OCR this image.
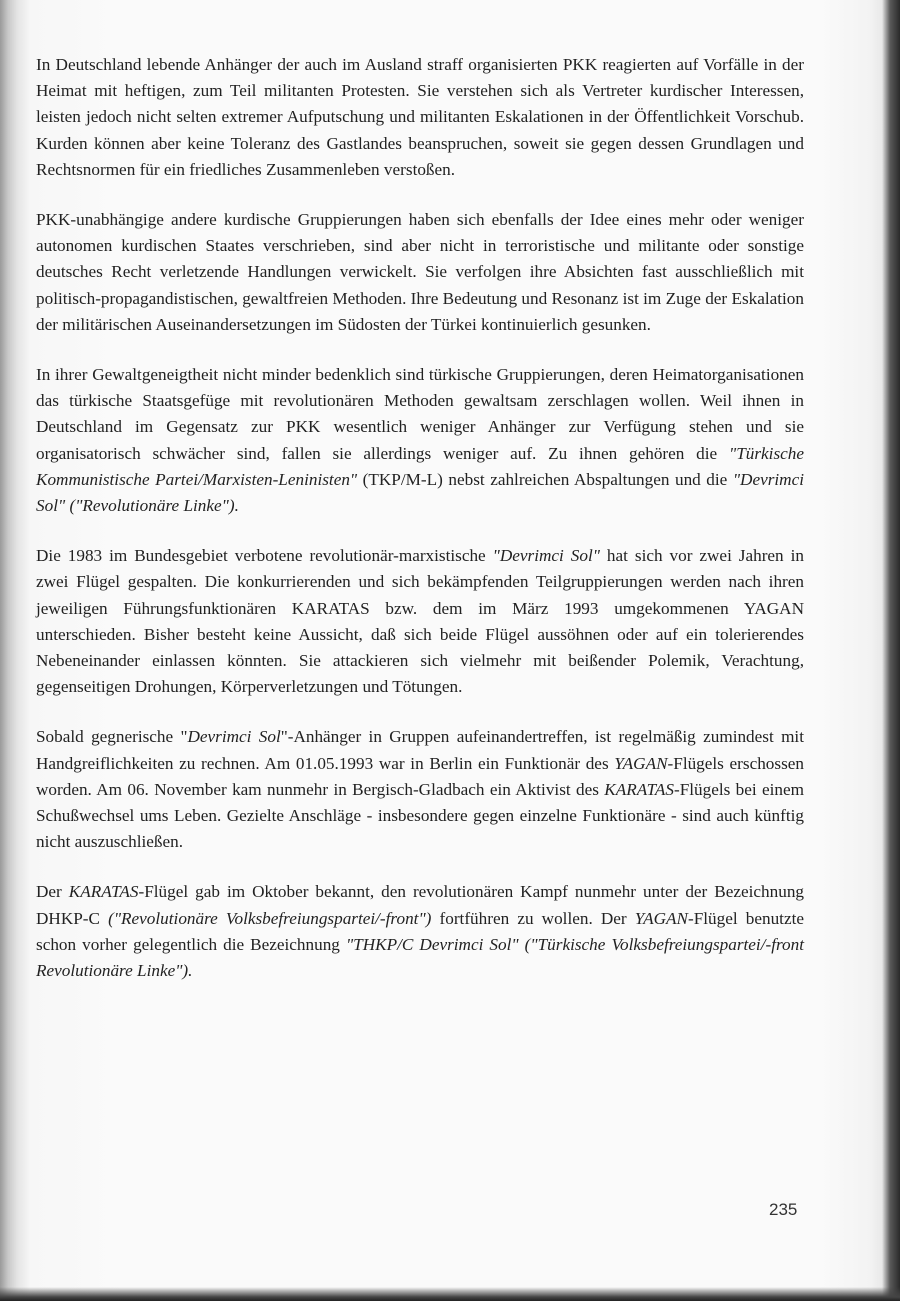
In Deutschland lebende Anhänger der auch im Ausland straff organisierten PKK reagierten auf Vorfälle in der Heimat mit heftigen, zum Teil militanten Protesten. Sie verstehen sich als Vertreter kurdischer Interessen, leisten jedoch nicht selten extremer Aufputschung und militanten Eskalationen in der Öffentlichkeit Vorschub. Kurden können aber keine Toleranz des Gastlandes beanspruchen, soweit sie gegen dessen Grundlagen und Rechtsnormen für ein friedliches Zusammenleben verstoßen.

PKK-unabhängige andere kurdische Gruppierungen haben sich ebenfalls der Idee eines mehr oder weniger autonomen kurdischen Staates verschrieben, sind aber nicht in terroristische und militante oder sonstige deutsches Recht verletzende Handlungen verwickelt. Sie verfolgen ihre Absichten fast ausschließlich mit politisch-propagandistischen, gewaltfreien Methoden. Ihre Bedeutung und Resonanz ist im Zuge der Eskalation der militärischen Auseinandersetzungen im Südosten der Türkei kontinuierlich gesunken.

In ihrer Gewaltgeneigtheit nicht minder bedenklich sind türkische Gruppierungen, deren Heimatorganisationen das türkische Staatsgefüge mit revolutionären Methoden gewaltsam zerschlagen wollen. Weil ihnen in Deutschland im Gegensatz zur PKK wesentlich weniger Anhänger zur Verfügung stehen und sie organisatorisch schwächer sind, fallen sie allerdings weniger auf. Zu ihnen gehören die "Türkische Kommunistische Partei/Marxisten-Leninisten" (TKP/M-L) nebst zahlreichen Abspaltungen und die "Devrimci Sol" ("Revolutionäre Linke").

Die 1983 im Bundesgebiet verbotene revolutionär-marxistische "Devrimci Sol" hat sich vor zwei Jahren in zwei Flügel gespalten. Die konkurrierenden und sich bekämpfenden Teilgruppierungen werden nach ihren jeweiligen Führungsfunktionären KARATAS bzw. dem im März 1993 umgekommenen YAGAN unterschieden. Bisher besteht keine Aussicht, daß sich beide Flügel aussöhnen oder auf ein tolerierendes Nebeneinander einlassen könnten. Sie attackieren sich vielmehr mit beißender Polemik, Verachtung, gegenseitigen Drohungen, Körperverletzungen und Tötungen.

Sobald gegnerische "Devrimci Sol"-Anhänger in Gruppen aufeinandertreffen, ist regelmäßig zumindest mit Handgreiflichkeiten zu rechnen. Am 01.05.1993 war in Berlin ein Funktionär des YAGAN-Flügels erschossen worden. Am 06. November kam nunmehr in Bergisch-Gladbach ein Aktivist des KARATAS-Flügels bei einem Schußwechsel ums Leben. Gezielte Anschläge - insbesondere gegen einzelne Funktionäre - sind auch künftig nicht auszuschließen.

Der KARATAS-Flügel gab im Oktober bekannt, den revolutionären Kampf nunmehr unter der Bezeichnung DHKP-C ("Revolutionäre Volksbefreiungspartei/-front") fortführen zu wollen. Der YAGAN-Flügel benutzte schon vorher gelegentlich die Bezeichnung "THKP/C Devrimci Sol" ("Türkische Volksbefreiungspartei/-front Revolutionäre Linke").

235
